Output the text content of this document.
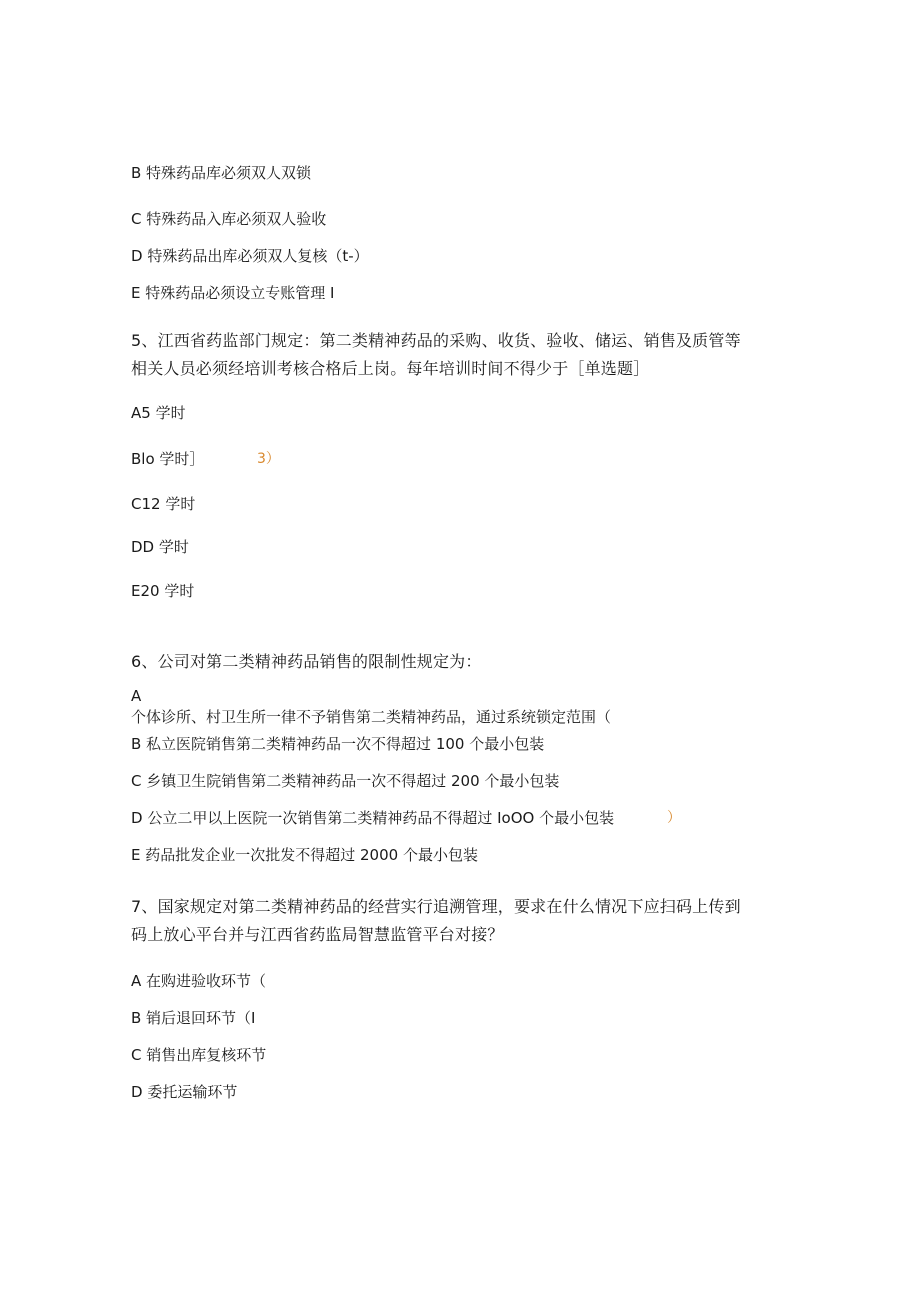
B 特殊药品库必须双人双锁
C 特殊药品入库必须双人验收
D 特殊药品出库必须双人复核（t-）
E 特殊药品必须设立专账管理 I
5、江西省药监部门规定：第二类精神药品的采购、收货、验收、储运、销售及质管等
相关人员必须经培训考核合格后上岗。每年培训时间不得少于［单选题］
A5 学时
Blo 学时］	3）
C12 学时
DD 学时
E20 学时
6、公司对第二类精神药品销售的限制性规定为：
A
个体诊所、村卫生所一律不予销售第二类精神药品，通过系统锁定范围（
B 私立医院销售第二类精神药品一次不得超过 100 个最小包装
C 乡镇卫生院销售第二类精神药品一次不得超过 200 个最小包装
D 公立二甲以上医院一次销售第二类精神药品不得超过 IoOO 个最小包装	）
E 药品批发企业一次批发不得超过 2000 个最小包装
7、国家规定对第二类精神药品的经营实行追溯管理，要求在什么情况下应扫码上传到
码上放心平台并与江西省药监局智慧监管平台对接？
A 在购进验收环节（
B 销后退回环节（I
C 销售出库复核环节
D 委托运输环节
